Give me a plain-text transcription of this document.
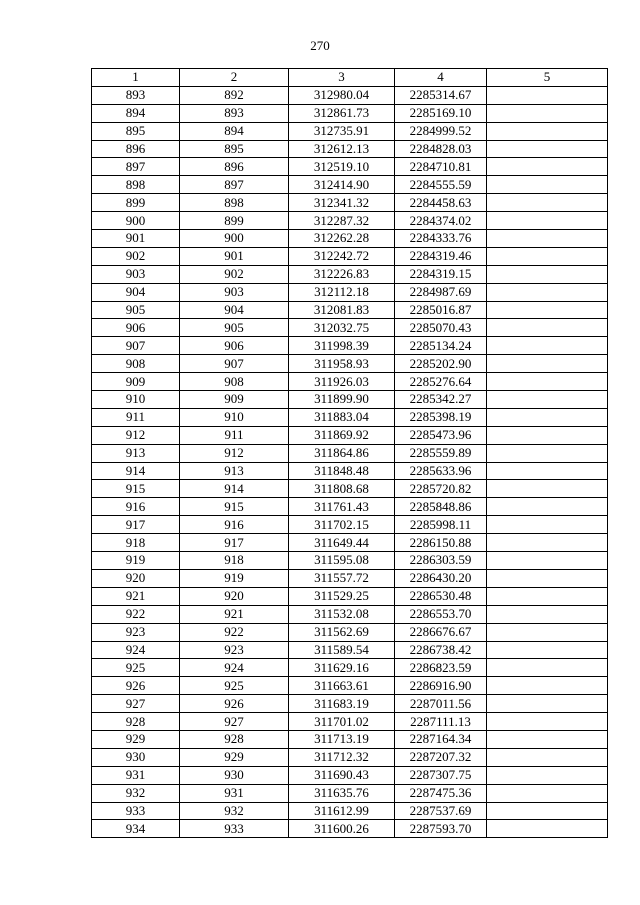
270
1	2	3	4	5
893	892	312980.04	2285314.67	
894	893	312861.73	2285169.10	
895	894	312735.91	2284999.52	
896	895	312612.13	2284828.03	
897	896	312519.10	2284710.81	
898	897	312414.90	2284555.59	
899	898	312341.32	2284458.63	
900	899	312287.32	2284374.02	
901	900	312262.28	2284333.76	
902	901	312242.72	2284319.46	
903	902	312226.83	2284319.15	
904	903	312112.18	2284987.69	
905	904	312081.83	2285016.87	
906	905	312032.75	2285070.43	
907	906	311998.39	2285134.24	
908	907	311958.93	2285202.90	
909	908	311926.03	2285276.64	
910	909	311899.90	2285342.27	
911	910	311883.04	2285398.19	
912	911	311869.92	2285473.96	
913	912	311864.86	2285559.89	
914	913	311848.48	2285633.96	
915	914	311808.68	2285720.82	
916	915	311761.43	2285848.86	
917	916	311702.15	2285998.11	
918	917	311649.44	2286150.88	
919	918	311595.08	2286303.59	
920	919	311557.72	2286430.20	
921	920	311529.25	2286530.48	
922	921	311532.08	2286553.70	
923	922	311562.69	2286676.67	
924	923	311589.54	2286738.42	
925	924	311629.16	2286823.59	
926	925	311663.61	2286916.90	
927	926	311683.19	2287011.56	
928	927	311701.02	2287111.13	
929	928	311713.19	2287164.34	
930	929	311712.32	2287207.32	
931	930	311690.43	2287307.75	
932	931	311635.76	2287475.36	
933	932	311612.99	2287537.69	
934	933	311600.26	2287593.70	
